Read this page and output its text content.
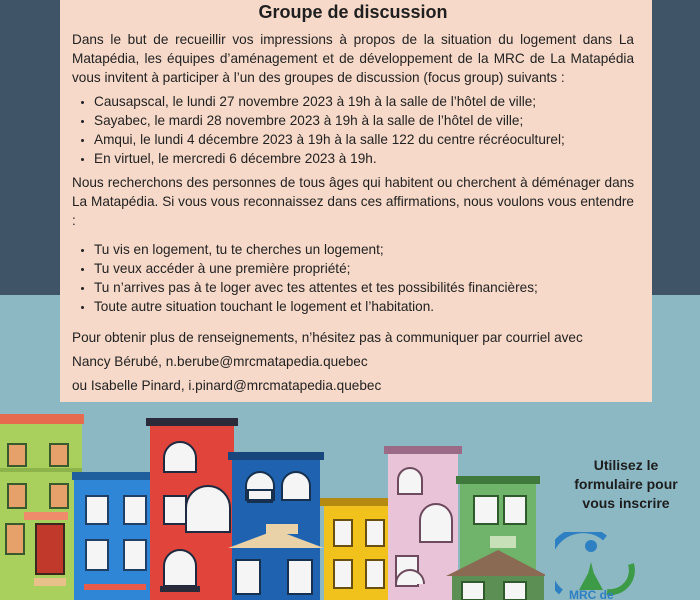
Groupe de discussion

Dans le but de recueillir vos impressions à propos de la situation du logement dans La Matapédia, les équipes d’aménagement et de développement de la MRC de La Matapédia vous invitent à participer à l’un des groupes de discussion (focus group) suivants :

• Causapscal, le lundi 27 novembre 2023 à 19h à la salle de l’hôtel de ville;
• Sayabec, le mardi 28 novembre 2023 à 19h à la salle de l’hôtel de ville;
• Amqui, le lundi 4 décembre 2023 à 19h à la salle 122 du centre récréoculturel;
• En virtuel, le mercredi 6 décembre 2023 à 19h.

Nous recherchons des personnes de tous âges qui habitent ou cherchent à déménager dans La Matapédia. Si vous vous reconnaissez dans ces affirmations, nous voulons vous entendre :

• Tu vis en logement, tu te cherches un logement;
• Tu veux accéder à une première propriété;
• Tu n’arrives pas à te loger avec tes attentes et tes possibilités financières;
• Toute autre situation touchant le logement et l’habitation.

Pour obtenir plus de renseignements, n’hésitez pas à communiquer par courriel avec

Nancy Bérubé, n.berube@mrcmatapedia.quebec

ou Isabelle Pinard, i.pinard@mrcmatapedia.quebec

Utilisez le
formulaire pour
vous inscrire
MRC de
